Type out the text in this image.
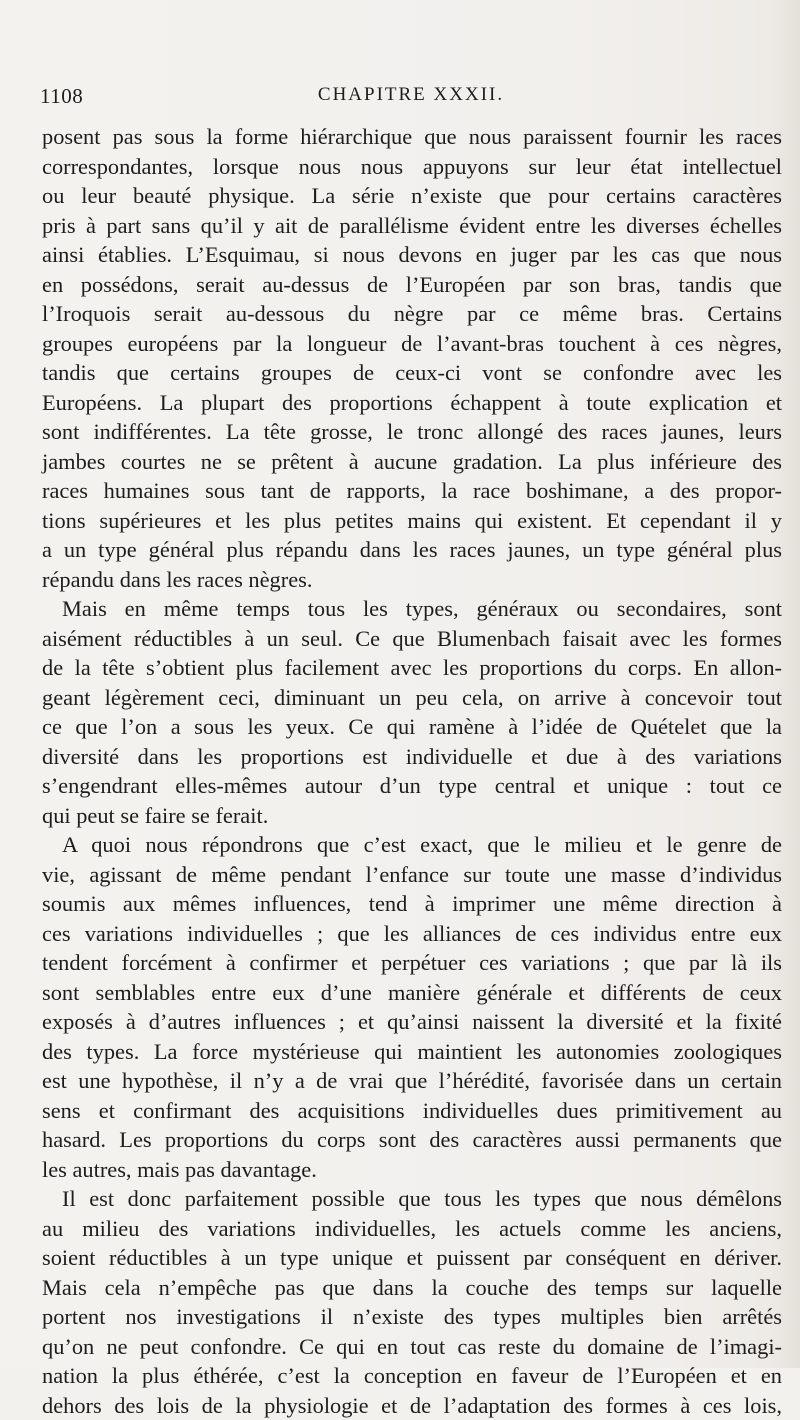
1108	CHAPITRE XXXII.
posent pas sous la forme hiérarchique que nous paraissent fournir les races
correspondantes, lorsque nous nous appuyons sur leur état intellectuel
ou leur beauté physique. La série n’existe que pour certains caractères
pris à part sans qu’il y ait de parallélisme évident entre les diverses échelles
ainsi établies. L’Esquimau, si nous devons en juger par les cas que nous
en possédons, serait au-dessus de l’Européen par son bras, tandis que
l’Iroquois serait au-dessous du nègre par ce même bras. Certains
groupes européens par la longueur de l’avant-bras touchent à ces nègres,
tandis que certains groupes de ceux-ci vont se confondre avec les
Européens. La plupart des proportions échappent à toute explication et
sont indifférentes. La tête grosse, le tronc allongé des races jaunes, leurs
jambes courtes ne se prêtent à aucune gradation. La plus inférieure des
races humaines sous tant de rapports, la race boshimane, a des propor-
tions supérieures et les plus petites mains qui existent. Et cependant il y
a un type général plus répandu dans les races jaunes, un type général plus
répandu dans les races nègres.
Mais en même temps tous les types, généraux ou secondaires, sont
aisément réductibles à un seul. Ce que Blumenbach faisait avec les formes
de la tête s’obtient plus facilement avec les proportions du corps. En allon-
geant légèrement ceci, diminuant un peu cela, on arrive à concevoir tout
ce que l’on a sous les yeux. Ce qui ramène à l’idée de Quételet que la
diversité dans les proportions est individuelle et due à des variations
s’engendrant elles-mêmes autour d’un type central et unique : tout ce
qui peut se faire se ferait.
A quoi nous répondrons que c’est exact, que le milieu et le genre de
vie, agissant de même pendant l’enfance sur toute une masse d’individus
soumis aux mêmes influences, tend à imprimer une même direction à
ces variations individuelles ; que les alliances de ces individus entre eux
tendent forcément à confirmer et perpétuer ces variations ; que par là ils
sont semblables entre eux d’une manière générale et différents de ceux
exposés à d’autres influences ; et qu’ainsi naissent la diversité et la fixité
des types. La force mystérieuse qui maintient les autonomies zoologiques
est une hypothèse, il n’y a de vrai que l’hérédité, favorisée dans un certain
sens et confirmant des acquisitions individuelles dues primitivement au
hasard. Les proportions du corps sont des caractères aussi permanents que
les autres, mais pas davantage.
Il est donc parfaitement possible que tous les types que nous démêlons
au milieu des variations individuelles, les actuels comme les anciens,
soient réductibles à un type unique et puissent par conséquent en dériver.
Mais cela n’empêche pas que dans la couche des temps sur laquelle
portent nos investigations il n’existe des types multiples bien arrêtés
qu’on ne peut confondre. Ce qui en tout cas reste du domaine de l’imagi-
nation la plus éthérée, c’est la conception en faveur de l’Européen et en
dehors des lois de la physiologie et de l’adaptation des formes à ces lois,
